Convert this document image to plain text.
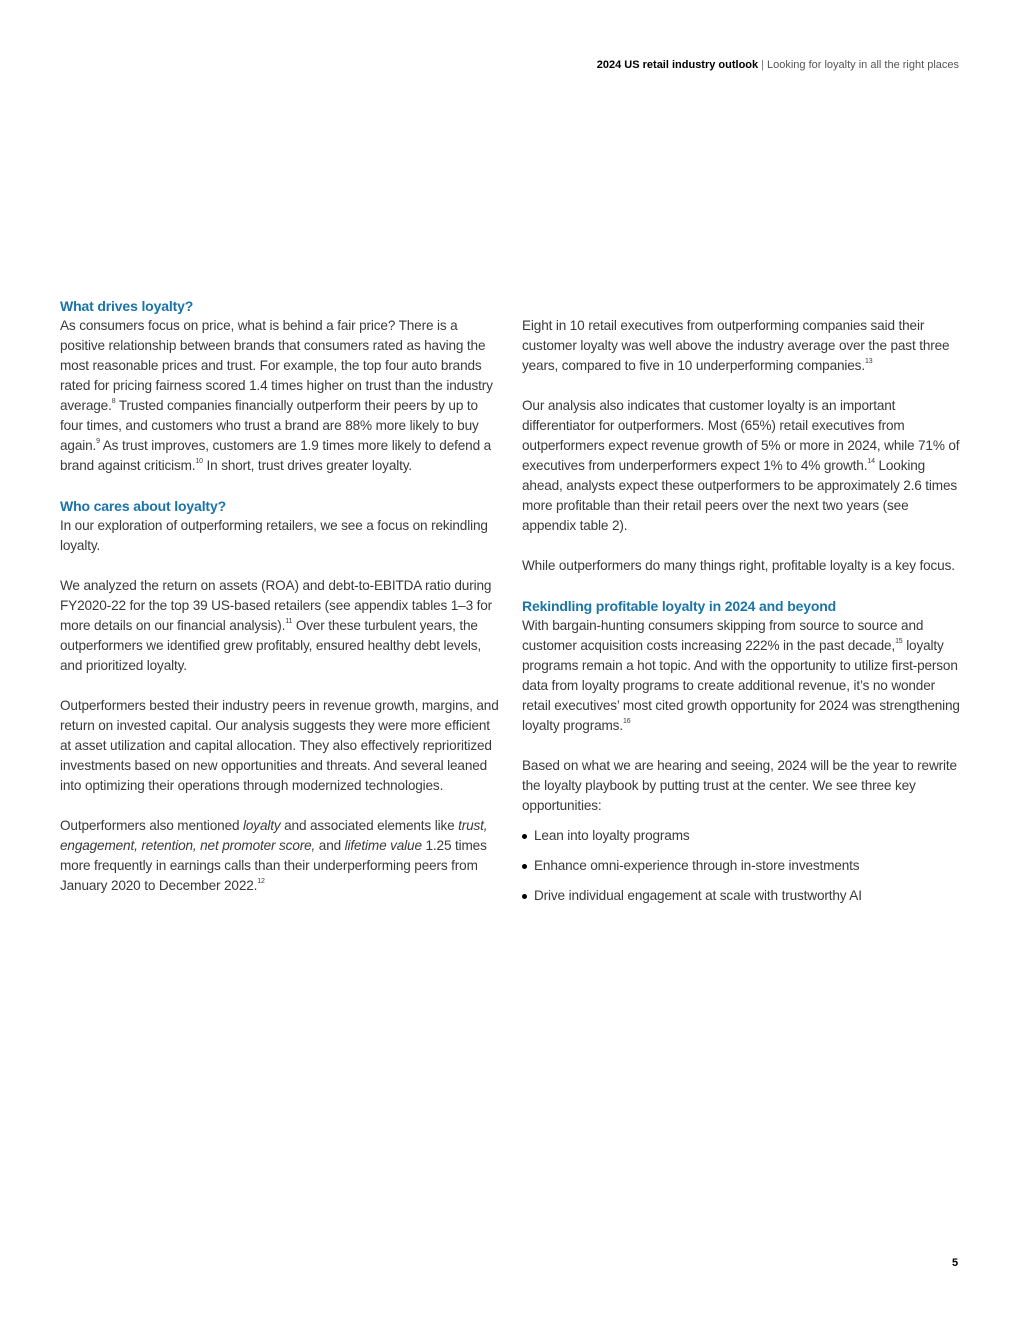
2024 US retail industry outlook | Looking for loyalty in all the right places
What drives loyalty?

As consumers focus on price, what is behind a fair price? There is a positive relationship between brands that consumers rated as having the most reasonable prices and trust. For example, the top four auto brands rated for pricing fairness scored 1.4 times higher on trust than the industry average.$^8$ Trusted companies financially outperform their peers by up to four times, and customers who trust a brand are 88% more likely to buy again.$^9$ As trust improves, customers are 1.9 times more likely to defend a brand against criticism.$^{10}$ In short, trust drives greater loyalty.

Who cares about loyalty?

In our exploration of outperforming retailers, we see a focus on rekindling loyalty.

We analyzed the return on assets (ROA) and debt-to-EBITDA ratio during FY2020-22 for the top 39 US-based retailers (see appendix tables 1–3 for more details on our financial analysis).$^{11}$ Over these turbulent years, the outperformers we identified grew profitably, ensured healthy debt levels, and prioritized loyalty.

Outperformers bested their industry peers in revenue growth, margins, and return on invested capital. Our analysis suggests they were more efficient at asset utilization and capital allocation. They also effectively reprioritized investments based on new opportunities and threats. And several leaned into optimizing their operations through modernized technologies.

Outperformers also mentioned loyalty and associated elements like trust, engagement, retention, net promoter score, and lifetime value 1.25 times more frequently in earnings calls than their underperforming peers from January 2020 to December 2022.12

Eight in 10 retail executives from outperforming companies said their customer loyalty was well above the industry average over the past three years, compared to five in 10 underperforming companies.$^{13}$

Our analysis also indicates that customer loyalty is an important differentiator for outperformers. Most (65%) retail executives from outperformers expect revenue growth of 5% or more in 2024, while 71% of executives from underperformers expect 1% to 4% growth.$^{14}$ Looking ahead, analysts expect these outperformers to be approximately 2.6 times more profitable than their retail peers over the next two years (see appendix table 2).

While outperformers do many things right, profitable loyalty is a key focus.

Rekindling profitable loyalty in 2024 and beyond

With bargain-hunting consumers skipping from source to source and customer acquisition costs increasing 222% in the past decade,$^{15}$ loyalty programs remain a hot topic. And with the opportunity to utilize first-person data from loyalty programs to create additional revenue, it’s no wonder retail executives’ most cited growth opportunity for 2024 was strengthening loyalty programs.$^{16}$

Based on what we are hearing and seeing, 2024 will be the year to rewrite the loyalty playbook by putting trust at the center. We see three key opportunities:

Lean into loyalty programs
Enhance omni-experience through in-store investments
Drive individual engagement at scale with trustworthy AI
5
